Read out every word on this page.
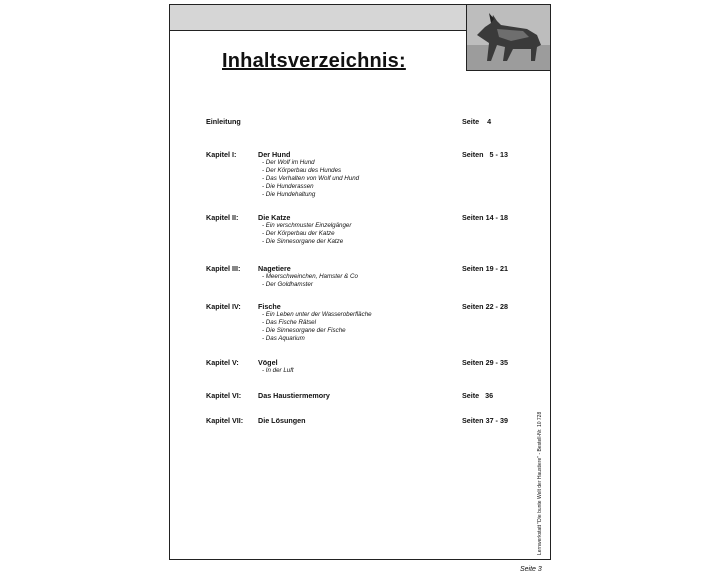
Inhaltsverzeichnis:
Einleitung	Seite    4
Kapitel I:	Der Hund	Seiten   5 - 13
- Der Wolf im Hund
- Der Körperbau des Hundes
- Das Verhalten von Wolf und Hund
- Die Hunderassen
- Die Hundehaltung
Kapitel II:	Die Katze	Seiten 14 - 18
- Ein verschmuster Einzelgänger
- Der Körperbau der Katze
- Die Sinnesorgane der Katze
Kapitel III: Nagetiere	Seiten 19 - 21
- Meerschweinchen, Hamster & Co
- Der Goldhamster
Kapitel IV: Fische	Seiten 22 - 28
- Ein Leben unter der Wasseroberfläche
- Das Fische Rätsel
- Die Sinnesorgane der Fische
- Das Aquarium
Kapitel V:	Vögel	Seiten 29 - 35
- In der Luft
Kapitel VI: Das Haustiermemory	Seite   36
Kapitel VII: Die Lösungen	Seiten 37 - 39	Lernwerkstatt "Die bunte Welt der Haustiere" - Bestell-Nr. 10 728
Seite 3
